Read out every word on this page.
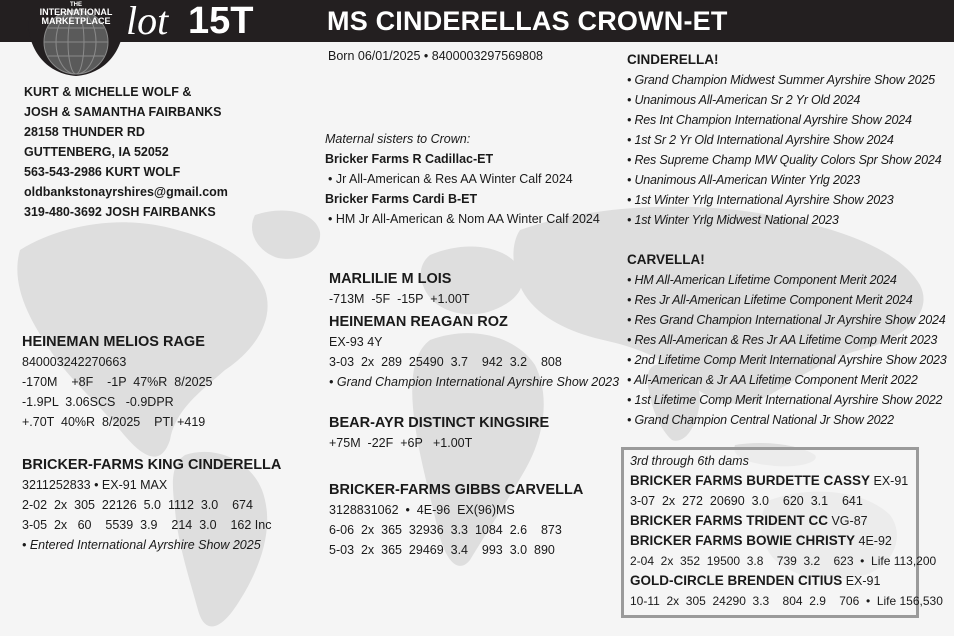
THE
INTERNATIONAL
MARKETPLACE lot 15T	MS CINDERELLAS CROWN-ET
Born 06/01/2025 • 8400003297569808
KURT & MICHELLE WOLF &
JOSH & SAMANTHA FAIRBANKS
28158 THUNDER RD
GUTTENBERG, IA 52052
563-543-2986 KURT WOLF
oldbankstonayrshires@gmail.com
319-480-3692 JOSH FAIRBANKS
Maternal sisters to Crown:
Bricker Farms R Cadillac-ET
• Jr All-American & Res AA Winter Calf 2024
Bricker Farms Cardi B-ET
• HM Jr All-American & Nom AA Winter Calf 2024
HEINEMAN MELIOS RAGE
840003242270663
-170M    +8F    -1P  47%R  8/2025
-1.9PL  3.06SCS   -0.9DPR
+.70T  40%R  8/2025    PTI +419
BRICKER-FARMS KING CINDERELLA
3211252833 • EX-91 MAX
2-02  2x  305  22126  5.0  1112  3.0    674
3-05  2x   60    5539  3.9    214  3.0    162 Inc
• Entered International Ayrshire Show 2025
MARLILIE M LOIS
-713M  -5F  -15P  +1.00T
HEINEMAN REAGAN ROZ
EX-93 4Y
3-03  2x  289  25490  3.7    942  3.2    808
• Grand Champion International Ayrshire Show 2023
BEAR-AYR DISTINCT KINGSIRE
+75M  -22F  +6P   +1.00T
BRICKER-FARMS GIBBS CARVELLA
3128831062  •  4E-96  EX(96)MS
6-06  2x  365  32936  3.3  1084  2.6    873
5-03  2x  365  29469  3.4    993  3.0  890
CINDERELLA!
• Grand Champion Midwest Summer Ayrshire Show 2025
• Unanimous All-American Sr 2 Yr Old 2024
• Res Int Champion International Ayrshire Show 2024
• 1st Sr 2 Yr Old International Ayrshire Show 2024
• Res Supreme Champ MW Quality Colors Spr Show 2024
• Unanimous All-American Winter Yrlg 2023
• 1st Winter Yrlg International Ayrshire Show 2023
• 1st Winter Yrlg Midwest National 2023
CARVELLA!
• HM All-American Lifetime Component Merit 2024
• Res Jr All-American Lifetime Component Merit 2024
• Res Grand Champion International Jr Ayrshire Show 2024
• Res All-American & Res Jr AA Lifetime Comp Merit 2023
• 2nd Lifetime Comp Merit International Ayrshire Show 2023
• All-American & Jr AA Lifetime Component Merit 2022
• 1st Lifetime Comp Merit International Ayrshire Show 2022
• Grand Champion Central National Jr Show 2022
3rd through 6th dams
BRICKER FARMS BURDETTE CASSY EX-91
3-07  2x  272  20690  3.0    620  3.1    641
BRICKER FARMS TRIDENT CC VG-87
BRICKER FARMS BOWIE CHRISTY 4E-92
2-04  2x  352  19500  3.8    739  3.2    623  •  Life 113,200
GOLD-CIRCLE BRENDEN CITIUS EX-91
10-11  2x  305  24290  3.3    804  2.9    706  •  Life 156,530
